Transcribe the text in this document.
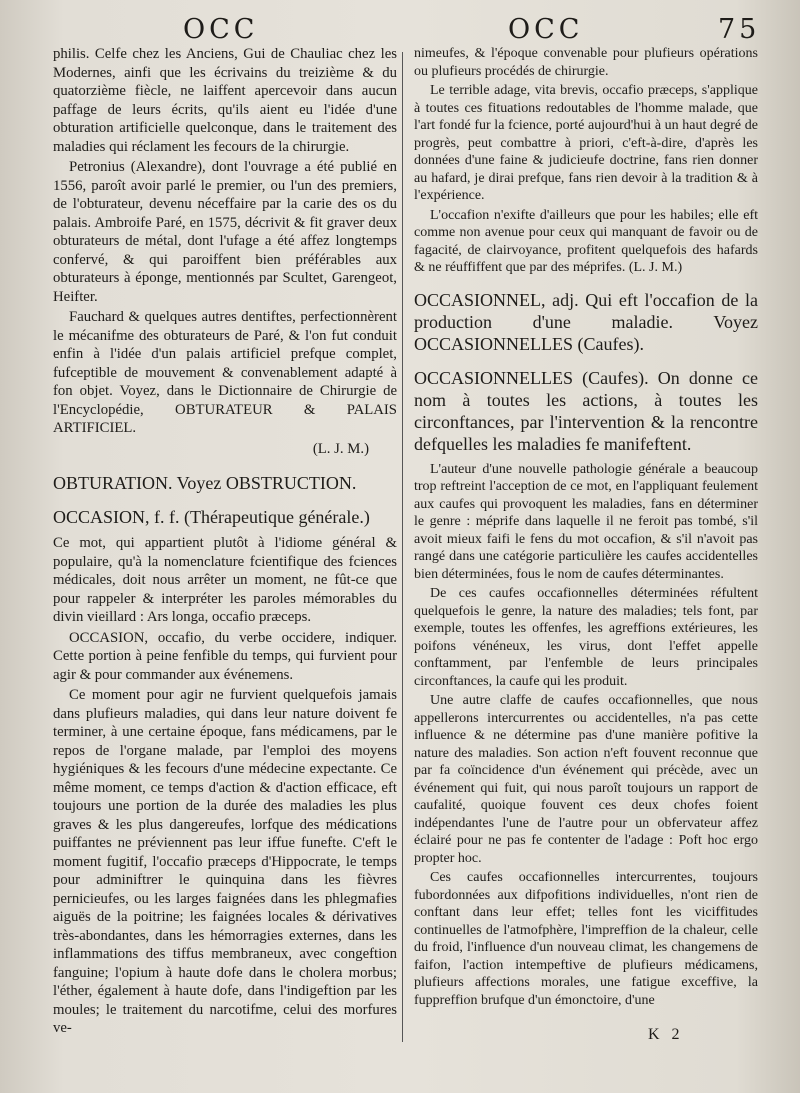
OCC	OCC	75

philis. Celfe chez les Anciens, Gui de Chauliac chez les Modernes, ainfi que les écrivains du treizième & du quatorzième fiècle, ne laiffent apercevoir dans aucun paffage de leurs écrits, qu'ils aient eu l'idée d'une obturation artificielle quelconque, dans le traitement des maladies qui réclament les fecours de la chirurgie.

Petronius (Alexandre), dont l'ouvrage a été publié en 1556, paroît avoir parlé le premier, ou l'un des premiers, de l'obturateur, devenu néceffaire par la carie des os du palais. Ambroife Paré, en 1575, décrivit & fit graver deux obturateurs de métal, dont l'ufage a été affez longtemps confervé, & qui paroiffent bien préférables aux obturateurs à éponge, mentionnés par Scultet, Garengeot, Heifter.

Fauchard & quelques autres dentiftes, perfectionnèrent le mécanifme des obturateurs de Paré, & l'on fut conduit enfin à l'idée d'un palais artificiel prefque complet, fufceptible de mouvement & convenablement adapté à fon objet. Voyez, dans le Dictionnaire de Chirurgie de l'Encyclopédie, OBTURATEUR & PALAIS ARTIFICIEL.

(L. J. M.)

OBTURATION. Voyez OBSTRUCTION.
OCCASION, f. f. (Thérapeutique générale.)

Ce mot, qui appartient plutôt à l'idiome général & populaire, qu'à la nomenclature fcientifique des fciences médicales, doit nous arrêter un moment, ne fût-ce que pour rappeler & interpréter les paroles mémorables du divin vieillard : Ars longa, occafio præceps.

OCCASION, occafio, du verbe occidere, indiquer. Cette portion à peine fenfible du temps, qui furvient pour agir & pour commander aux événemens.

Ce moment pour agir ne furvient quelquefois jamais dans plufieurs maladies, qui dans leur nature doivent fe terminer, à une certaine époque, fans médicamens, par le repos de l'organe malade, par l'emploi des moyens hygiéniques & les fecours d'une médecine expectante. Ce même moment, ce temps d'action & d'action efficace, eft toujours une portion de la durée des maladies les plus graves & les plus dangereufes, lorfque des médications puiffantes ne préviennent pas leur iffue funefte. C'eft le moment fugitif, l'occafio præceps d'Hippocrate, le temps pour adminiftrer le quinquina dans les fièvres pernicieufes, ou les larges faignées dans les phlegmafies aiguës de la poitrine; les faignées locales & dérivatives très-abondantes, dans les hémorragies externes, dans les inflammations des tiffus membraneux, avec congeftion fanguine; l'opium à haute dofe dans le cholera morbus; l'éther, également à haute dofe, dans l'indigeftion par les moules; le traitement du narcotifme, celui des morfures ve-

nimeufes, & l'époque convenable pour plufieurs opérations ou plufieurs procédés de chirurgie.

Le terrible adage, vita brevis, occafio præceps, s'applique à toutes ces fituations redoutables de l'homme malade, que l'art fondé fur la fcience, porté aujourd'hui à un haut degré de progrès, peut combattre à priori, c'eft-à-dire, d'après les données d'une faine & judicieufe doctrine, fans rien donner au hafard, je dirai prefque, fans rien devoir à la tradition & à l'expérience.

L'occafion n'exifte d'ailleurs que pour les habiles; elle eft comme non avenue pour ceux qui manquant de favoir ou de fagacité, de clairvoyance, profitent quelquefois des hafards & ne réuffiffent que par des méprifes. (L. J. M.)

OCCASIONNEL, adj. Qui eft l'occafion de la production d'une maladie. Voyez OCCASIONNELLES (Caufes).
OCCASIONNELLES (Caufes). On donne ce nom à toutes les actions, à toutes les circonftances, par l'intervention & la rencontre defquelles les maladies fe manifeftent.

L'auteur d'une nouvelle pathologie générale a beaucoup trop reftreint l'acception de ce mot, en l'appliquant feulement aux caufes qui provoquent les maladies, fans en déterminer le genre : méprife dans laquelle il ne feroit pas tombé, s'il avoit mieux faifi le fens du mot occafion, & s'il n'avoit pas rangé dans une catégorie particulière les caufes accidentelles bien déterminées, fous le nom de caufes déterminantes.

De ces caufes occafionnelles déterminées réfultent quelquefois le genre, la nature des maladies; tels font, par exemple, toutes les offenfes, les agreffions extérieures, les poifons vénéneux, les virus, dont l'effet appelle conftamment, par l'enfemble de leurs principales circonftances, la caufe qui les produit.

Une autre claffe de caufes occafionnelles, que nous appellerons intercurrentes ou accidentelles, n'a pas cette influence & ne détermine pas d'une manière pofitive la nature des maladies. Son action n'eft fouvent reconnue que par fa coïncidence d'un événement qui précède, avec un événement qui fuit, qui nous paroît toujours un rapport de caufalité, quoique fouvent ces deux chofes foient indépendantes l'une de l'autre pour un obfervateur affez éclairé pour ne pas fe contenter de l'adage : Poft hoc ergo propter hoc.

Ces caufes occafionnelles intercurrentes, toujours fubordonnées aux difpofitions individuelles, n'ont rien de conftant dans leur effet; telles font les viciffitudes continuelles de l'atmofphère, l'impreffion de la chaleur, celle du froid, l'influence d'un nouveau climat, les changemens de faifon, l'action intempeftive de plufieurs médicamens, plufieurs affections morales, une fatigue exceffive, la fuppreffion brufque d'un émonctoire, d'une

K 2
